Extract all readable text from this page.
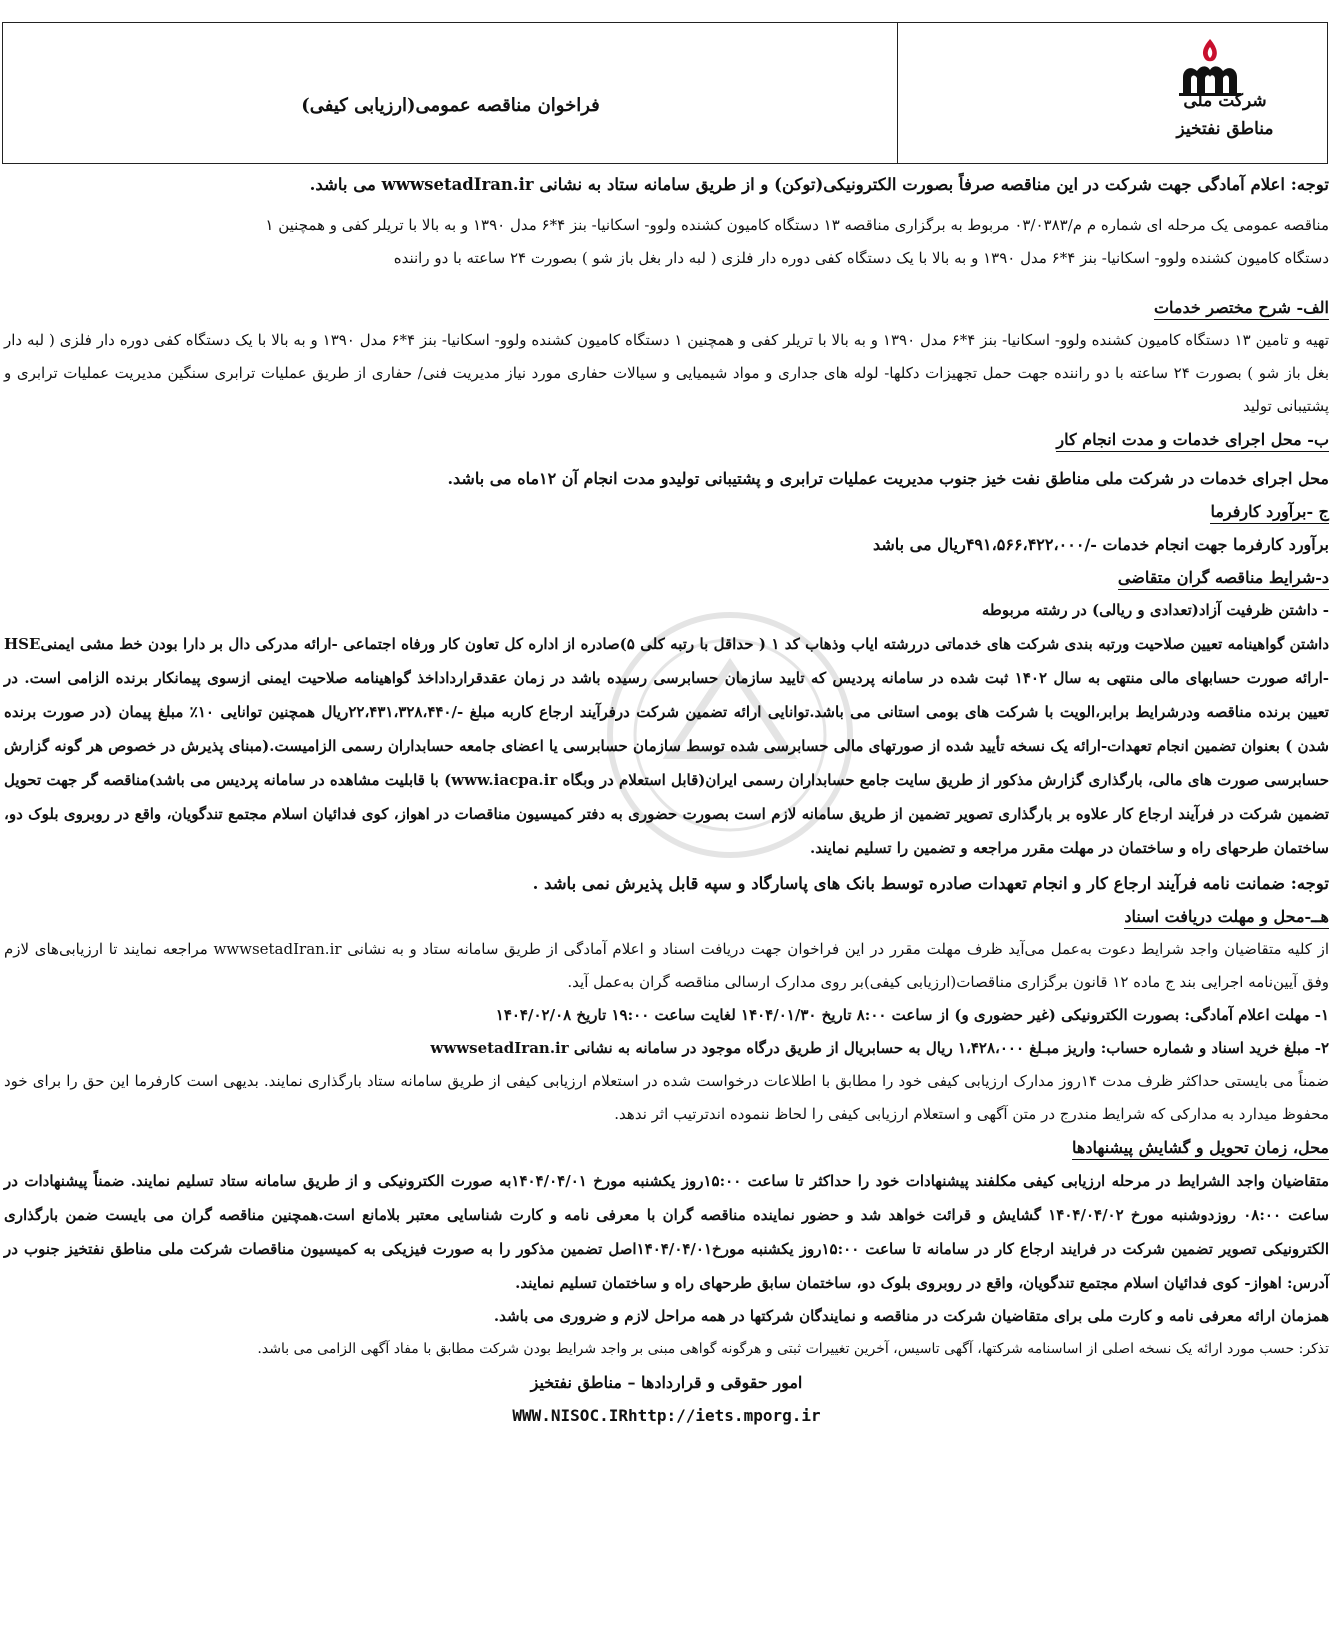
شرکت ملی
مناطق نفتخیز
فراخوان مناقصه عمومی(ارزیابی کیفی)

توجه: اعلام آمادگی جهت شرکت در این مناقصه صرفاً بصورت الکترونیکی(توکن) و از طریق سامانه ستاد به نشانی wwwsetadIran.ir می باشد.

مناقصه عمومی یک مرحله ای شماره م م/۰۳/۰۳۸۳ مربوط به برگزاری مناقصه ۱۳ دستگاه کامیون کشنده ولوو- اسکانیا- بنز ۴*۶ مدل ۱۳۹۰ و به بالا با تریلر کفی و همچنین ۱

دستگاه کامیون کشنده ولوو- اسکانیا- بنز ۴*۶ مدل ۱۳۹۰ و به بالا با یک دستگاه کفی دوره دار فلزی ( لبه دار بغل باز شو ) بصورت ۲۴ ساعته با دو راننده

الف- شرح مختصر خدمات

تهیه و تامین ۱۳ دستگاه کامیون کشنده ولوو- اسکانیا- بنز ۴*۶ مدل ۱۳۹۰ و به بالا با تریلر کفی و همچنین ۱ دستگاه کامیون کشنده ولوو- اسکانیا- بنز ۴*۶ مدل ۱۳۹۰ و به بالا با یک دستگاه کفی دوره دار فلزی ( لبه دار بغل باز شو ) بصورت ۲۴ ساعته با دو راننده جهت حمل تجهیزات دکلها- لوله های جداری و مواد شیمیایی و سیالات حفاری مورد نیاز مدیریت فنی/ حفاری از طریق عملیات ترابری سنگین مدیریت عملیات ترابری و پشتیبانی تولید

ب- محل اجرای خدمات و مدت انجام کار

محل اجرای خدمات در شرکت ملی مناطق نفت خیز جنوب مدیریت عملیات ترابری و پشتیبانی تولیدو مدت انجام آن ۱۲ماه می باشد.

ج -برآورد کارفرما

برآورد کارفرما جهت انجام خدمات -/۴۹۱،۵۶۶،۴۲۲،۰۰۰ریال می باشد

د-شرایط مناقصه گران متقاضی

- داشتن ظرفیت آزاد(تعدادی و ریالی) در رشته مربوطه

داشتن گواهینامه تعیین صلاحیت ورتبه بندی شرکت های خدماتی دررشته ایاب وذهاب کد ۱ ( حداقل با رتبه کلی ۵)صادره از اداره کل تعاون کار ورفاه اجتماعی -ارائه مدرکی دال بر دارا بودن خط مشی ایمنیHSE -ارائه صورت حسابهای مالی منتهی به سال ۱۴۰۲ ثبت شده در سامانه پردیس که تایید سازمان حسابرسی رسیده باشد در زمان عقدقرارداداخذ گواهینامه صلاحیت ایمنی ازسوی پیمانکار برنده الزامی است. در تعیین برنده مناقصه ودرشرایط برابر،الویت با شرکت های بومی استانی می باشد.توانایی ارائه تضمین شرکت درفرآیند ارجاع کاربه مبلغ -/۲۲،۴۳۱،۳۲۸،۴۴۰ریال همچنین توانایی ۱۰٪ مبلغ پیمان (در صورت برنده شدن ) بعنوان تضمین انجام تعهدات-ارائه یک نسخه تأیید شده از صورتهای مالی حسابرسی شده توسط سازمان حسابرسی یا اعضای جامعه حسابداران رسمی الزامیست.(مبنای پذیرش در خصوص هر گونه گزارش حسابرسی صورت های مالی، بارگذاری گزارش مذکور از طریق سایت جامع حسابداران رسمی ایران(قابل استعلام در وبگاه www.iacpa.ir) با قابلیت مشاهده در سامانه پردیس می باشد)مناقصه گر جهت تحویل تضمین شرکت در فرآیند ارجاع کار علاوه بر بارگذاری تصویر تضمین از طریق سامانه لازم است بصورت حضوری به دفتر کمیسیون مناقصات در اهواز، کوی فدائیان اسلام مجتمع تندگویان، واقع در روبروی بلوک دو، ساختمان طرحهای راه و ساختمان در مهلت مقرر مراجعه و تضمین را تسلیم نمایند.

توجه: ضمانت نامه فرآیند ارجاع کار و انجام تعهدات صادره توسط بانک های پاسارگاد و سپه قابل پذیرش نمی باشد .

هــ-محل و مهلت دریافت اسناد

از کلیه متقاضیان واجد شرایط دعوت به‌عمل می‌آید ظرف مهلت مقرر در این فراخوان جهت دریافت اسناد و اعلام آمادگی از طریق سامانه ستاد و به نشانی wwwsetadIran.ir مراجعه نمایند تا ارزیابی‌های لازم وفق آیین‌نامه اجرایی بند ج ماده ۱۲ قانون برگزاری مناقصات(ارزیابی کیفی)بر روی مدارک ارسالی مناقصه گران به‌عمل آید.

۱- مهلت اعلام آمادگی: بصورت الکترونیکی (غیر حضوری و) از ساعت ۸:۰۰ تاریخ ۱۴۰۴/۰۱/۳۰ لغایت ساعت ۱۹:۰۰ تاریخ ۱۴۰۴/۰۲/۰۸

۲- مبلغ خرید اسناد و شماره حساب: واریز مبـلغ ۱،۴۲۸،۰۰۰ ریال به حسابریال از طریق درگاه موجود در سامانه به نشانی wwwsetadIran.ir

ضمناً می بایستی حداکثر ظرف مدت ۱۴روز مدارک ارزیابی کیفی خود را مطابق با اطلاعات درخواست شده در استعلام ارزیابی کیفی از طریق سامانه ستاد بارگذاری نمایند. بدیهی است کارفرما این حق را برای خود محفوظ میدارد به مدارکی که شرایط مندرج در متن آگهی و استعلام ارزیابی کیفی را لحاظ ننموده اندترتیب اثر ندهد.

محل، زمان تحویل و گشایش پیشنهادها

متقاضیان واجد الشرایط در مرحله ارزیابی کیفی مکلفند پیشنهادات خود را حداکثر تا ساعت ۱۵:۰۰روز یکشنبه مورخ ۱۴۰۴/۰۴/۰۱به صورت الکترونیکی و از طریق سامانه ستاد تسلیم نمایند. ضمناً پیشنهادات در ساعت ۰۸:۰۰ روزدوشنبه مورخ ۱۴۰۴/۰۴/۰۲ گشایش و قرائت خواهد شد و حضور نماینده مناقصه گران با معرفی نامه و کارت شناسایی معتبر بلامانع است.همچنین مناقصه گران می بایست ضمن بارگذاری الکترونیکی تصویر تضمین شرکت در فرایند ارجاع کار در سامانه تا ساعت ۱۵:۰۰روز یکشنبه مورخ۱۴۰۴/۰۴/۰۱اصل تضمین مذکور را به صورت فیزیکی به کمیسیون مناقصات شرکت ملی مناطق نفتخیز جنوب در آدرس: اهواز- کوی فدائیان اسلام مجتمع تندگویان، واقع در روبروی بلوک دو، ساختمان سابق طرحهای راه و ساختمان تسلیم نمایند.

همزمان ارائه معرفی نامه و کارت ملی برای متقاضیان شرکت در مناقصه و نمایندگان شرکتها در همه مراحل لازم و ضروری می باشد.

تذکر: حسب مورد ارائه یک نسخه اصلی از اساسنامه شرکتها، آگهی تاسیس، آخرین تغییرات ثبتی و هرگونه گواهی مبنی بر واجد شرایط بودن شرکت مطابق با مفاد آگهی الزامی می باشد.

امور حقوقی و قراردادها – مناطق نفتخیز

WWW.NISOC.IRhttp://iets.mporg.ir
